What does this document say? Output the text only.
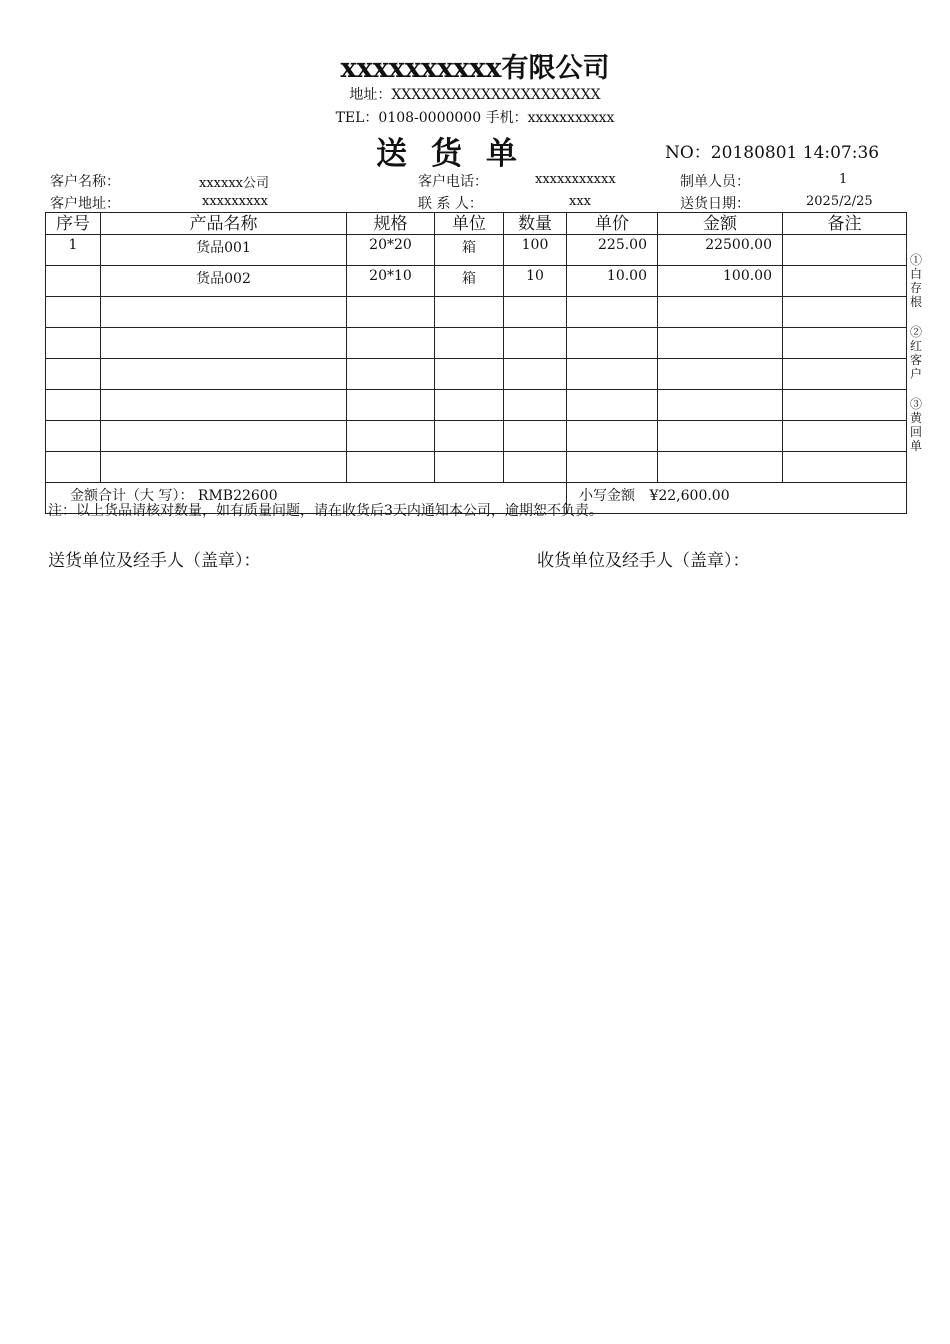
xxxxxxxxxx有限公司
地址：XXXXXXXXXXXXXXXXXXXXX
TEL：0108-0000000 手机：xxxxxxxxxxx
送货单	NO：20180801 14:07:36
客户名称：	xxxxxx公司	客户电话：	xxxxxxxxxxx	制单人员：	1
客户地址：	xxxxxxxxx	联 系 人：	xxx	送货日期：	2025/2/25
序号	产品名称	规格	单位	数量	单价	金额	备注
1	货品001	20*20	箱	100	225.00	22500.00	
	货品002	20*10	箱	10	10.00	100.00	

金额合计（大 写）： RMB22600					小写金额 ¥22,600.00		
①白存根
②红客户
③黄回单
注：以上货品请核对数量，如有质量问题，请在收货后3天内通知本公司，逾期恕不负责。
送货单位及经手人（盖章）：	收货单位及经手人（盖章）：
